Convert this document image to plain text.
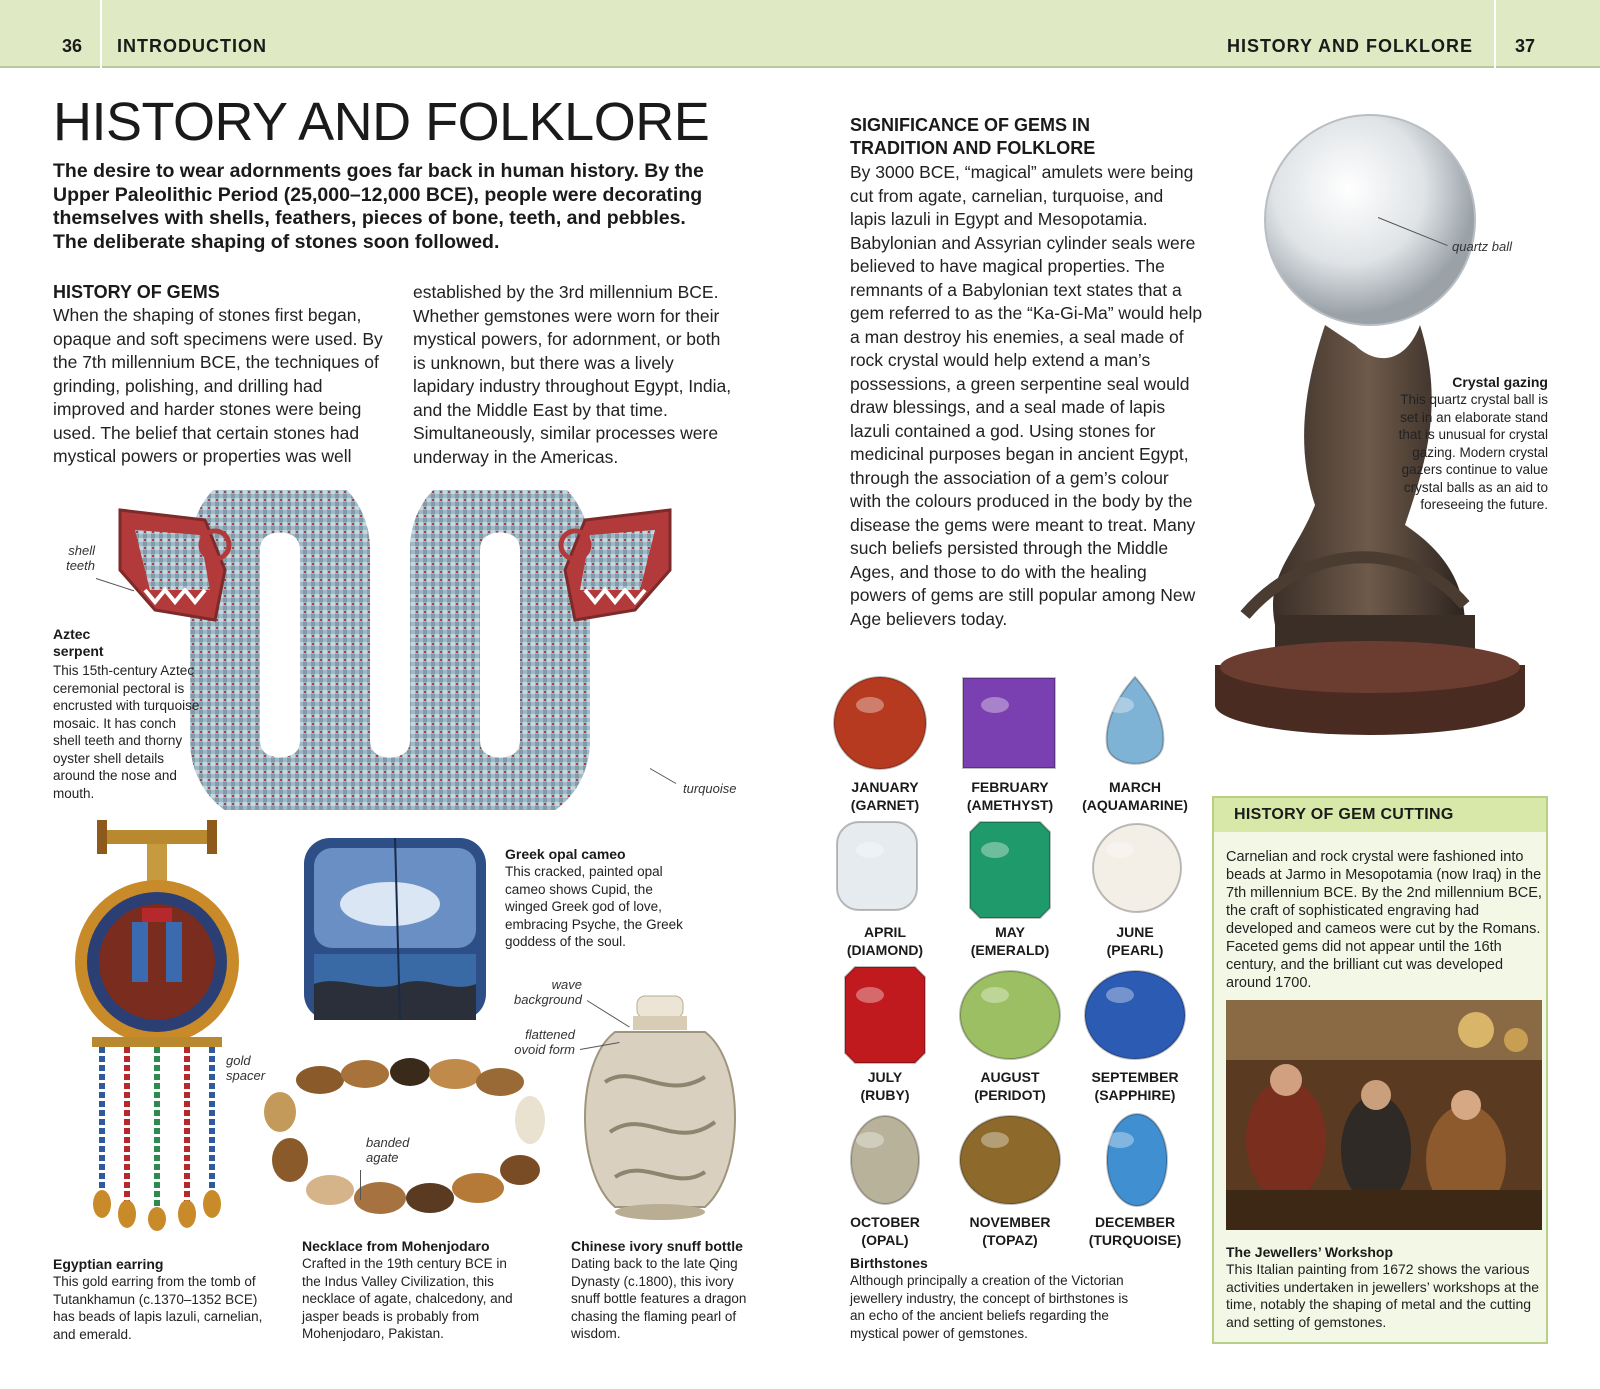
36 INTRODUCTION	HISTORY AND FOLKLORE 37
HISTORY AND FOLKLORE

The desire to wear adornments goes far back in human history. By the Upper Paleolithic Period (25,000–12,000 BCE), people were decorating themselves with shells, feathers, pieces of bone, teeth, and pebbles. The deliberate shaping of stones soon followed.

HISTORY OF GEMS

When the shaping of stones first began, opaque and soft specimens were used. By the 7th millennium BCE, the techniques of grinding, polishing, and drilling had improved and harder stones were being used. The belief that certain stones had mystical powers or properties was well

established by the 3rd millennium BCE. Whether gemstones were worn for their mystical powers, for adornment, or both is unknown, but there was a lively lapidary industry throughout Egypt, India, and the Middle East by that time. Simultaneously, similar processes were underway in the Americas.

shell teeth
turquoise
Aztec serpent

This 15th-century Aztec ceremonial pectoral is encrusted with turquoise mosaic. It has conch shell teeth and thorny oyster shell details around the nose and mouth.

gold spacer
Egyptian earring

This gold earring from the tomb of Tutankhamun (c.1370–1352 BCE) has beads of lapis lazuli, carnelian, and emerald.

Greek opal cameo

This cracked, painted opal cameo shows Cupid, the winged Greek god of love, embracing Psyche, the Greek goddess of the soul.

banded agate
Necklace from Mohenjodaro

Crafted in the 19th century BCE in the Indus Valley Civilization, this necklace of agate, chalcedony, and jasper beads is probably from Mohenjodaro, Pakistan.

wave background
flattened ovoid form
Chinese ivory snuff bottle

Dating back to the late Qing Dynasty (c.1800), this ivory snuff bottle features a dragon chasing the flaming pearl of wisdom.

SIGNIFICANCE OF GEMS IN
TRADITION AND FOLKLORE

By 3000 BCE, “magical” amulets were being cut from agate, carnelian, turquoise, and lapis lazuli in Egypt and Mesopotamia. Babylonian and Assyrian cylinder seals were believed to have magical properties. The remnants of a Babylonian text states that a gem referred to as the “Ka-Gi-Ma” would help a man destroy his enemies, a seal made of rock crystal would help extend a man’s possessions, a green serpentine seal would draw blessings, and a seal made of lapis lazuli contained a god. Using stones for medicinal purposes began in ancient Egypt, through the association of a gem’s colour with the colours produced in the body by the disease the gems were meant to treat. Many such beliefs persisted through the Middle Ages, and those to do with the healing powers of gems are still popular among New Age believers today.

quartz ball
Crystal gazing

This quartz crystal ball is set in an elaborate stand that is unusual for crystal gazing. Modern crystal gazers continue to value crystal balls as an aid to foreseeing the future.

JANUARY
(GARNET)
FEBRUARY
(AMETHYST)
MARCH
(AQUAMARINE)
APRIL
(DIAMOND)
MAY
(EMERALD)
JUNE
(PEARL)
JULY
(RUBY)
AUGUST
(PERIDOT)
SEPTEMBER
(SAPPHIRE)
OCTOBER
(OPAL)
NOVEMBER
(TOPAZ)
DECEMBER
(TURQUOISE)
Birthstones

Although principally a creation of the Victorian jewellery industry, the concept of birthstones is an echo of the ancient beliefs regarding the mystical power of gemstones.

HISTORY OF GEM CUTTING

Carnelian and rock crystal were fashioned into beads at Jarmo in Mesopotamia (now Iraq) in the 7th millennium BCE. By the 2nd millennium BCE, the craft of sophisticated engraving had developed and cameos were cut by the Romans. Faceted gems did not appear until the 16th century, and the brilliant cut was developed around 1700.

The Jewellers’ Workshop

This Italian painting from 1672 shows the various activities undertaken in jewellers’ workshops at the time, notably the shaping of metal and the cutting and setting of gemstones.
